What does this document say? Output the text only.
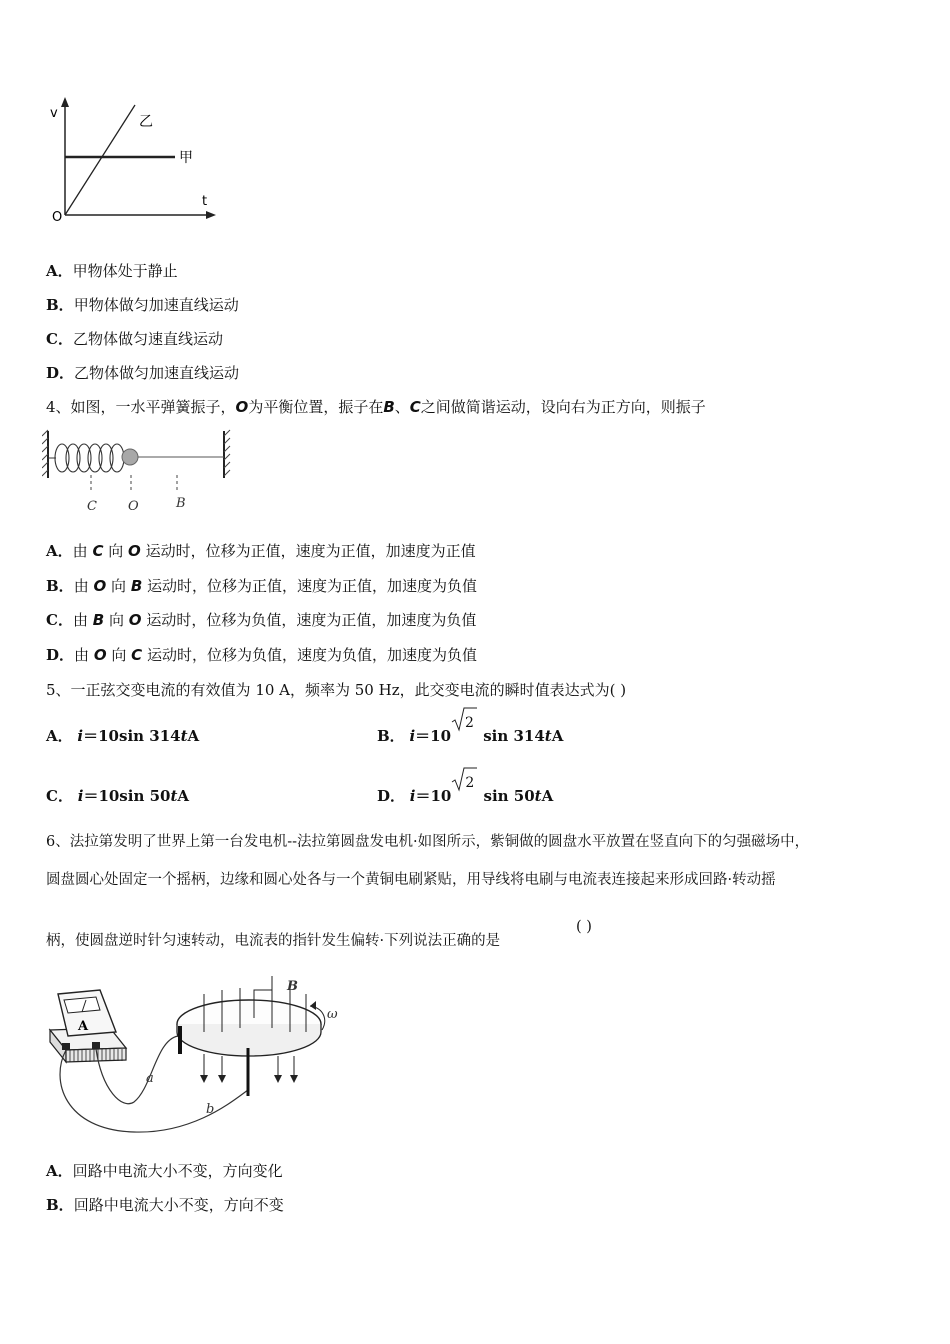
v
t
O
甲
乙
A．甲物体处于静止
B．甲物体做匀加速直线运动
C．乙物体做匀速直线运动
D．乙物体做匀加速直线运动
4、如图，一水平弹簧振子，O为平衡位置，振子在B、C之间做简谐运动，设向右为正方向，则振子
C O	B
A．由 C 向 O 运动时，位移为正值，速度为正值，加速度为正值
B．由 O 向 B 运动时，位移为正值，速度为正值，加速度为负值
C．由 B 向 O 运动时，位移为负值，速度为正值，加速度为负值
D．由 O 向 C 运动时，位移为负值，速度为负值，加速度为负值
5、一正弦交变电流的有效值为 10 A，频率为 50 Hz，此交变电流的瞬时值表达式为( )
A． i＝10sin 314tA	B． i＝10
2 sin 314tA
C． i＝10sin 50tA	D． i＝10
2 sin 50tA
6、法拉第发明了世界上第一台发电机--法拉第圆盘发电机·如图所示，紫铜做的圆盘水平放置在竖直向下的匀强磁场中，
圆盘圆心处固定一个摇柄，边缘和圆心处各与一个黄铜电刷紧贴，用导线将电刷与电流表连接起来形成回路·转动摇
柄，使圆盘逆时针匀速转动，电流表的指针发生偏转·下列说法正确的是
( )
A
a
b
B
ω
A．回路中电流大小不变，方向变化
B．回路中电流大小不变，方向不变
